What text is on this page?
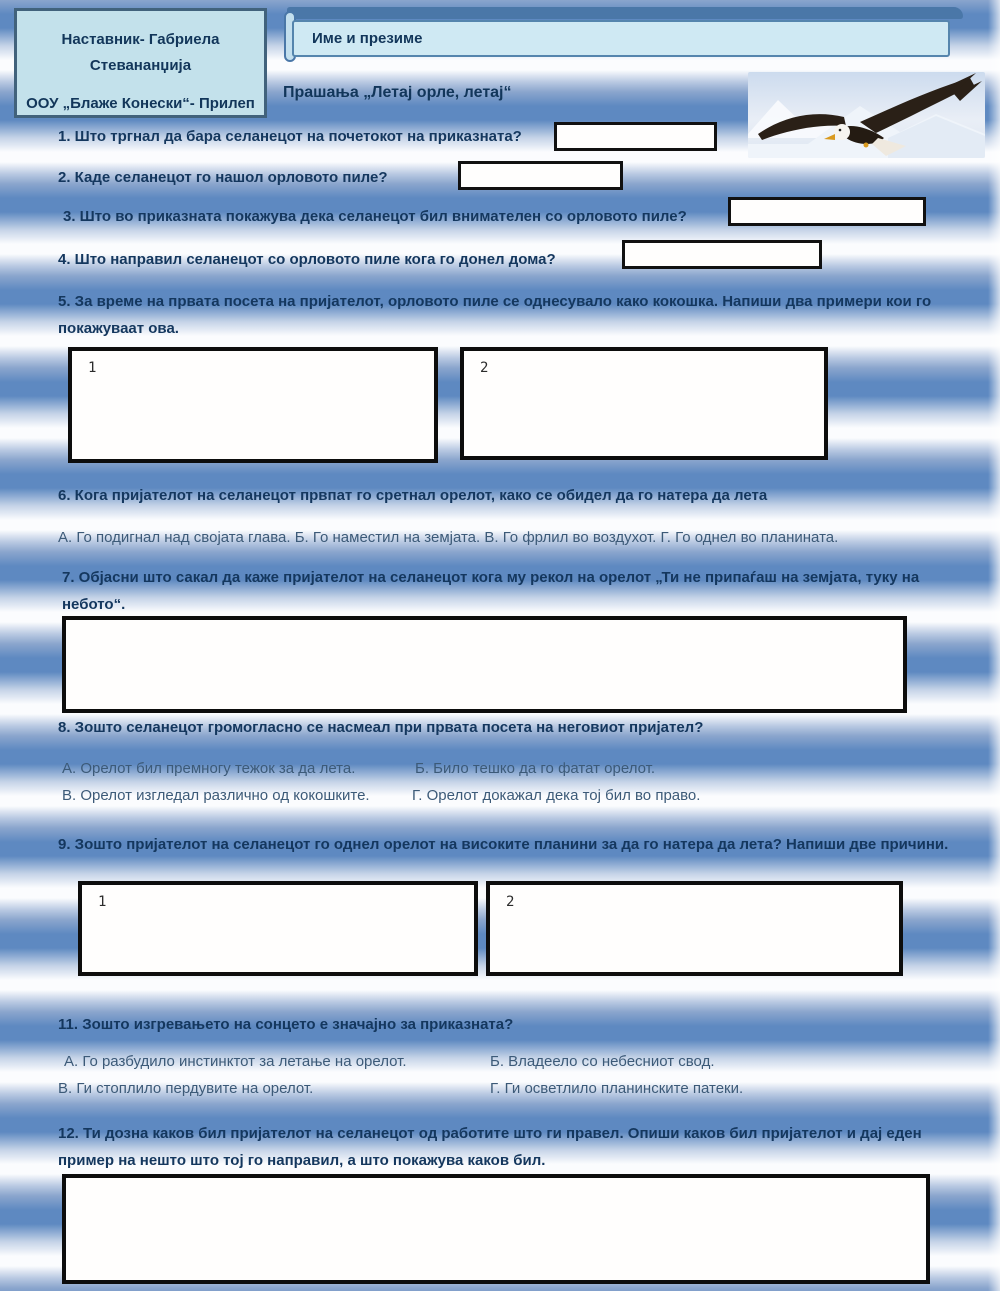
Наставник- Габриела
Стевананџија
ООУ „Блаже Конески“- Прилеп
Име и презиме
Прашања „Летај орле, летај“
1. Што тргнал да бара селанецот на почетокот на приказната?
2. Каде селанецот го нашол орловото пиле?
3. Што во приказната покажува дека селанецот бил внимателен со орловото пиле?
4. Што направил селанецот со орловото пиле кога го донел дома?
5. За време на првата посета на пријателот, орловото пиле се однесувало како кокошка. Напиши два примери кои го покажуваат ова.
1	2
6. Кога пријателот на селанецот првпат го сретнал орелот, како се обидел да го натера да лета
А. Го подигнал над својата глава. Б. Го наместил на земјата. В. Го фрлил во воздухот. Г. Го однел во планината.
7. Објасни што сакал да каже пријателот на селанецот кога му рекол на орелот „Ти не припаѓаш на земјата, туку на небото“.
8. Зошто селанецот громогласно се насмеал при првата посета на неговиот пријател?
А. Орелот бил премногу тежок за да лета.	Б. Било тешко да го фатат орелот.
В. Орелот изгледал различно од кокошките.	Г. Орелот докажал дека тој бил во право.
9. Зошто пријателот на селанецот го однел орелот на високите планини за да го натера да лета? Напиши две причини.
1	2
11. Зошто изгревањето на сонцето е значајно за приказната?
А. Го разбудило инстинктот за летање на орелот.	Б. Владеело со небесниот свод.
В. Ги стоплило пердувите на орелот.	Г. Ги осветлило планинските патеки.
12. Ти дозна каков бил пријателот на селанецот од работите што ги правел. Опиши каков бил пријателот и дај еден пример на нешто што тој го направил, а што покажува каков бил.
